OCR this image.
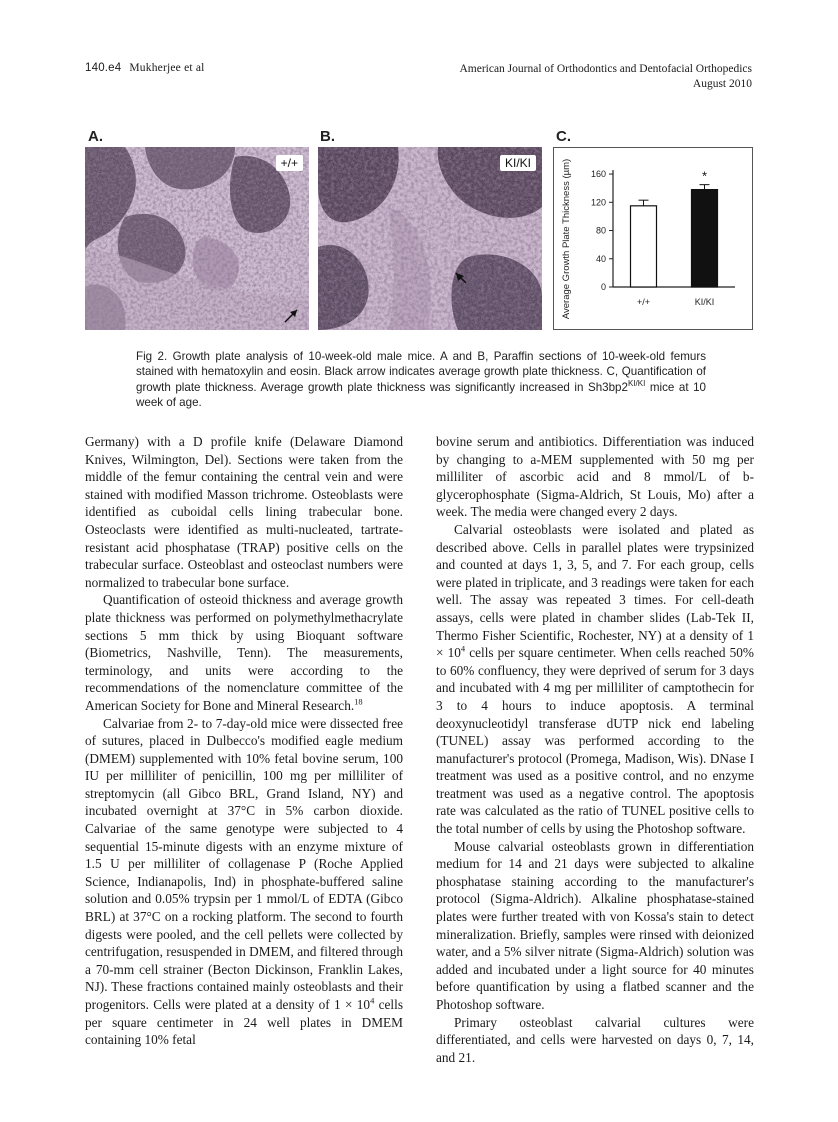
140.e4 Mukherjee et al	American Journal of Orthodontics and Dentofacial Orthopedics
August 2010
A.	B.	C.
+/+	KI/KI	Average Growth Plate Thickness (µm)	0
40
80
120
160
+/+
*
KI/KI
Fig 2. Growth plate analysis of 10-week-old male mice. A and B, Paraffin sections of 10-week-old femurs stained with hematoxylin and eosin. Black arrow indicates average growth plate thickness. C, Quantification of growth plate thickness. Average growth plate thickness was significantly increased in $Sh3bp2^{KI/KI}$ mice at 10 week of age.

Germany) with a D profile knife (Delaware Diamond Knives, Wilmington, Del). Sections were taken from the middle of the femur containing the central vein and were stained with modified Masson trichrome. Osteoblasts were identified as cuboidal cells lining trabecular bone. Osteoclasts were identified as multi-nucleated, tartrate-resistant acid phosphatase (TRAP) positive cells on the trabecular surface. Osteoblast and osteoclast numbers were normalized to trabecular bone surface.

Quantification of osteoid thickness and average growth plate thickness was performed on polymethylmethacrylate sections 5 mm thick by using Bioquant software (Biometrics, Nashville, Tenn). The measurements, terminology, and units were according to the recommendations of the nomenclature committee of the American Society for Bone and Mineral Research.$^{18}$

Calvariae from 2- to 7-day-old mice were dissected free of sutures, placed in Dulbecco's modified eagle medium (DMEM) supplemented with 10% fetal bovine serum, 100 IU per milliliter of penicillin, 100 mg per milliliter of streptomycin (all Gibco BRL, Grand Island, NY) and incubated overnight at 37°C in 5% carbon dioxide. Calvariae of the same genotype were subjected to 4 sequential 15-minute digests with an enzyme mixture of 1.5 U per milliliter of collagenase P (Roche Applied Science, Indianapolis, Ind) in phosphate-buffered saline solution and 0.05% trypsin per 1 mmol/L of EDTA (Gibco BRL) at 37°C on a rocking platform. The second to fourth digests were pooled, and the cell pellets were collected by centrifugation, resuspended in DMEM, and filtered through a 70-mm cell strainer (Becton Dickinson, Franklin Lakes, NJ). These fractions contained mainly osteoblasts and their progenitors. Cells were plated at a density of $1 \times 10^4$ cells per square centimeter in 24 well plates in DMEM containing 10% fetal

bovine serum and antibiotics. Differentiation was induced by changing to a-MEM supplemented with 50 mg per milliliter of ascorbic acid and 8 mmol/L of b-glycerophosphate (Sigma-Aldrich, St Louis, Mo) after a week. The media were changed every 2 days.

Calvarial osteoblasts were isolated and plated as described above. Cells in parallel plates were trypsinized and counted at days 1, 3, 5, and 7. For each group, cells were plated in triplicate, and 3 readings were taken for each well. The assay was repeated 3 times. For cell-death assays, cells were plated in chamber slides (Lab-Tek II, Thermo Fisher Scientific, Rochester, NY) at a density of $1 \times 10^4$ cells per square centimeter. When cells reached 50% to 60% confluency, they were deprived of serum for 3 days and incubated with 4 mg per milliliter of camptothecin for 3 to 4 hours to induce apoptosis. A terminal deoxynucleotidyl transferase dUTP nick end labeling (TUNEL) assay was performed according to the manufacturer's protocol (Promega, Madison, Wis). DNase I treatment was used as a positive control, and no enzyme treatment was used as a negative control. The apoptosis rate was calculated as the ratio of TUNEL positive cells to the total number of cells by using the Photoshop software.

Mouse calvarial osteoblasts grown in differentiation medium for 14 and 21 days were subjected to alkaline phosphatase staining according to the manufacturer's protocol (Sigma-Aldrich). Alkaline phosphatase-stained plates were further treated with von Kossa's stain to detect mineralization. Briefly, samples were rinsed with deionized water, and a 5% silver nitrate (Sigma-Aldrich) solution was added and incubated under a light source for 40 minutes before quantification by using a flatbed scanner and the Photoshop software.

Primary osteoblast calvarial cultures were differentiated, and cells were harvested on days 0, 7, 14, and 21.
